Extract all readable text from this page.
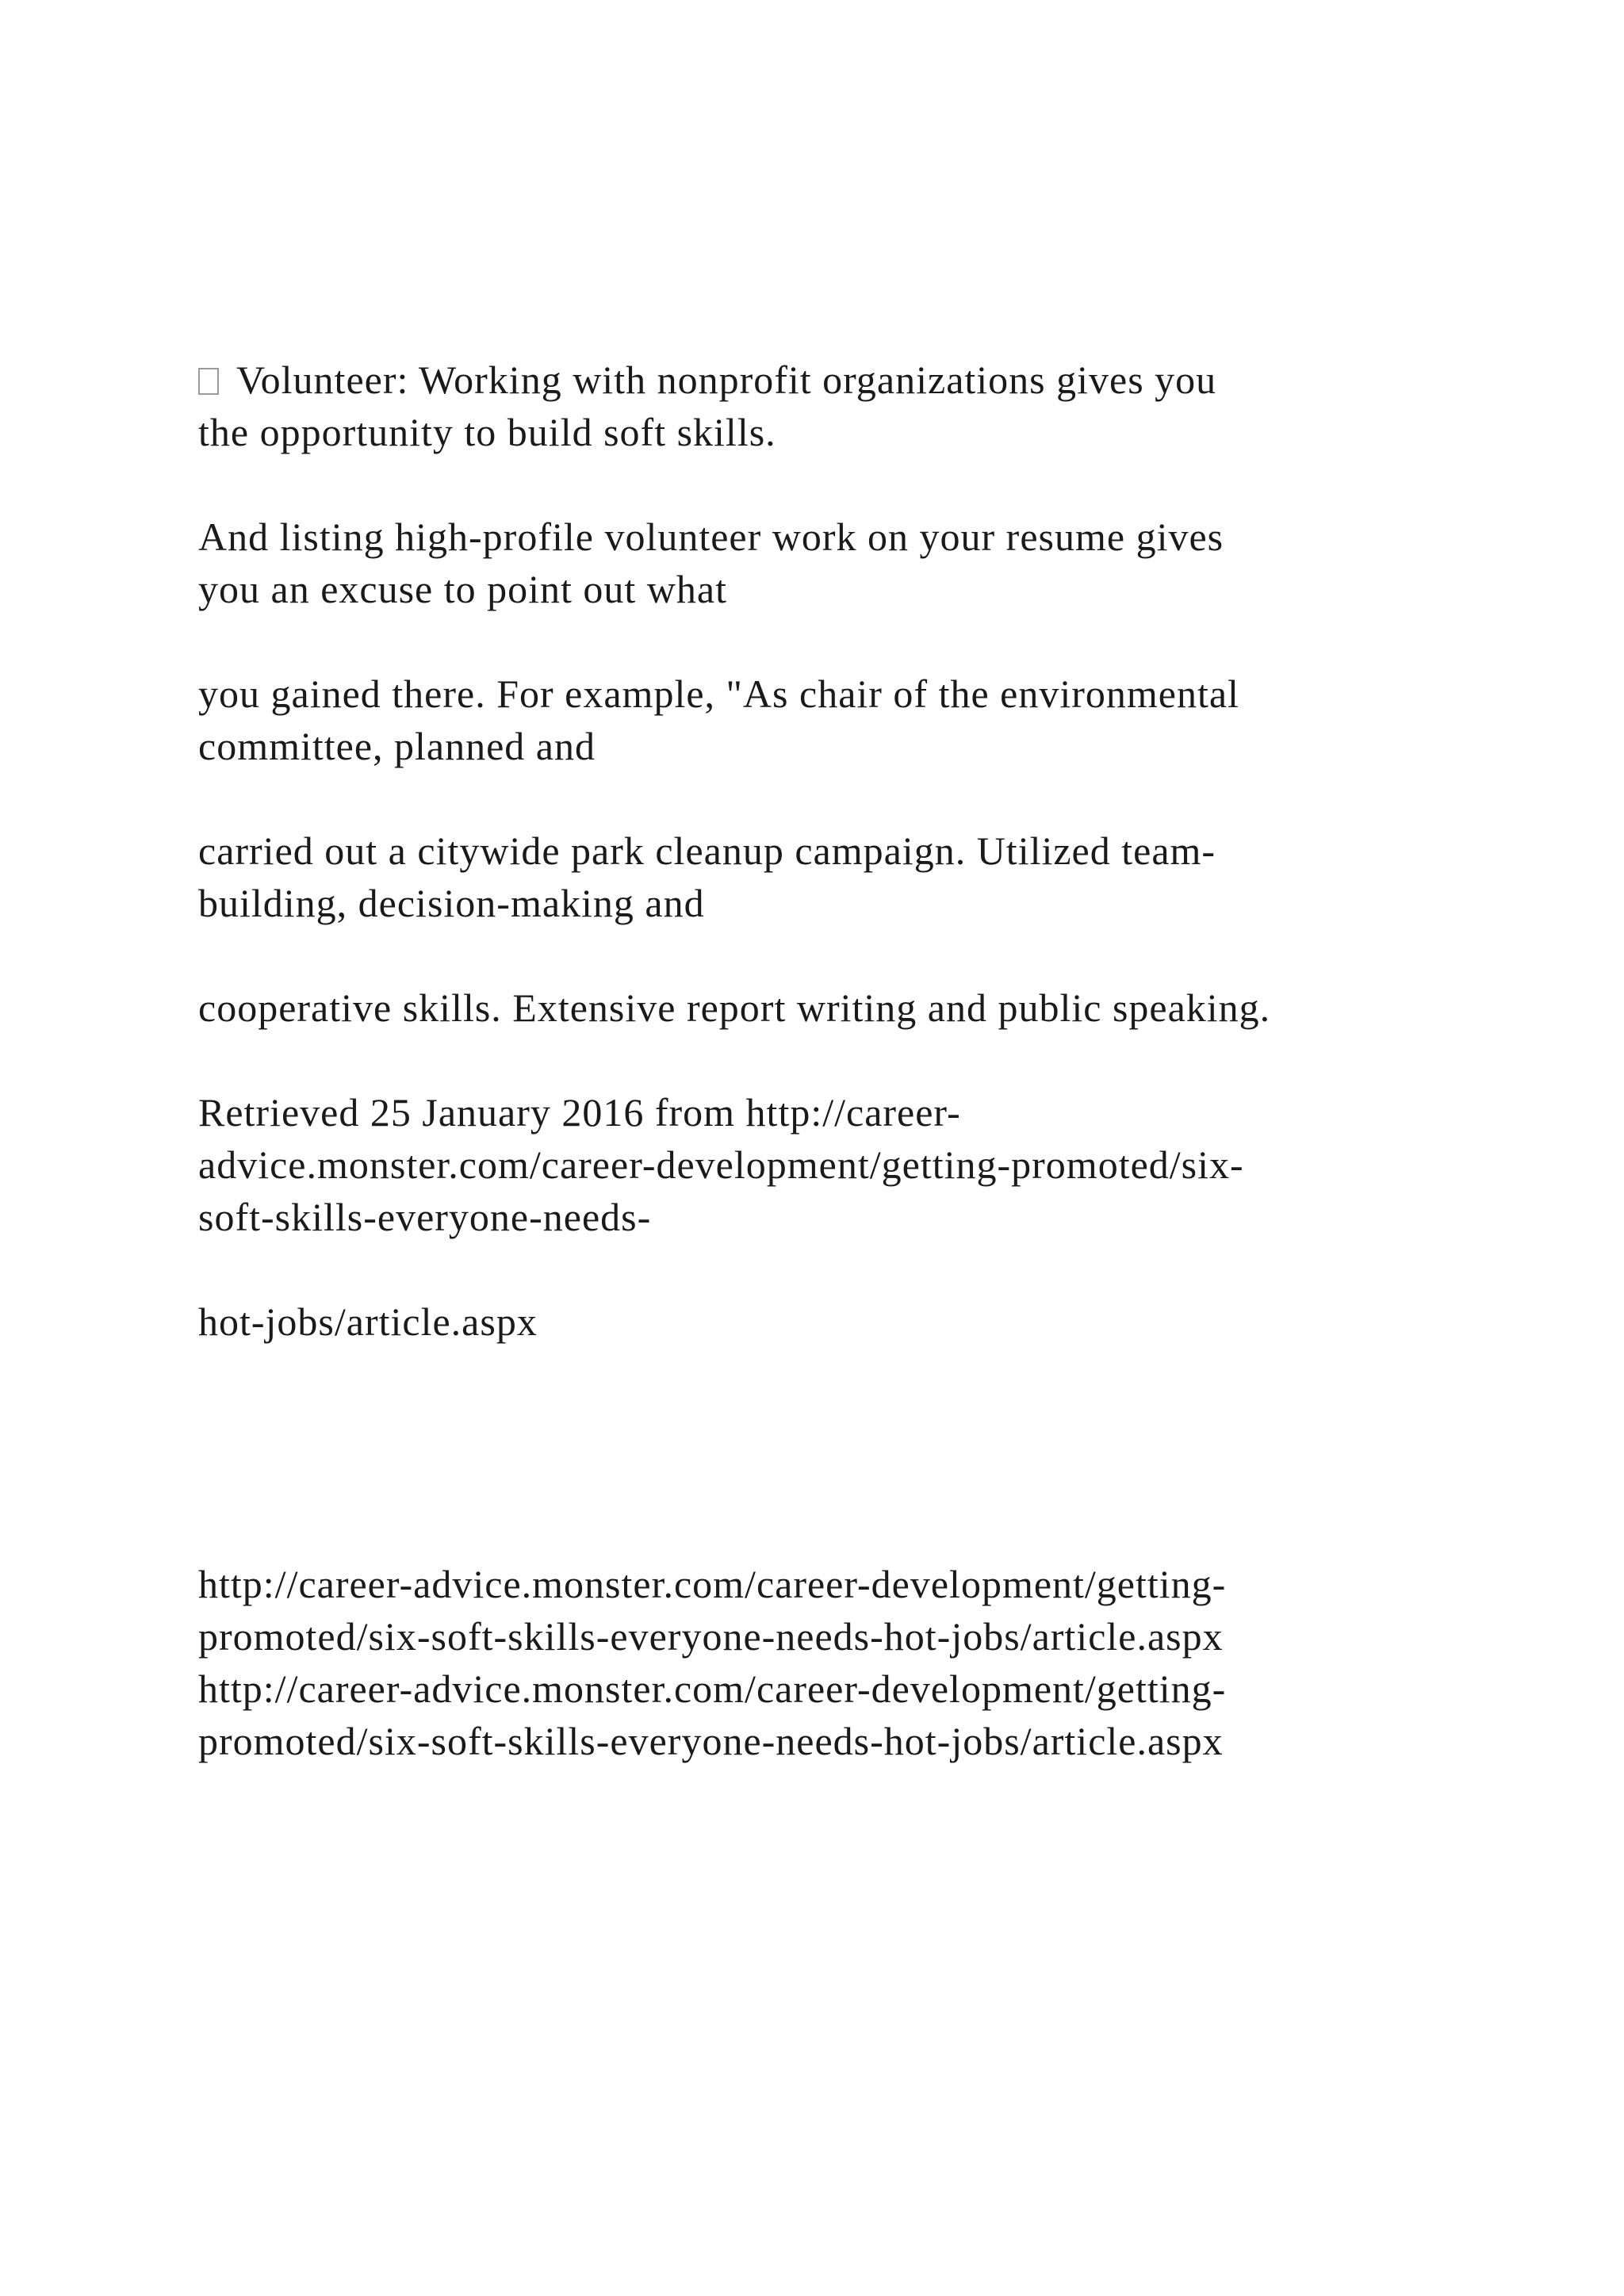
Volunteer: Working with nonprofit organizations gives you
the opportunity to build soft skills.
And listing high-profile volunteer work on your resume gives
you an excuse to point out what
you gained there. For example, "As chair of the environmental
committee, planned and
carried out a citywide park cleanup campaign. Utilized team-
building, decision-making and
cooperative skills. Extensive report writing and public speaking.
Retrieved 25 January 2016 from http://career-
advice.monster.com/career-development/getting-promoted/six-
soft-skills-everyone-needs-
hot-jobs/article.aspx
http://career-advice.monster.com/career-development/getting-
promoted/six-soft-skills-everyone-needs-hot-jobs/article.aspx
http://career-advice.monster.com/career-development/getting-
promoted/six-soft-skills-everyone-needs-hot-jobs/article.aspx
